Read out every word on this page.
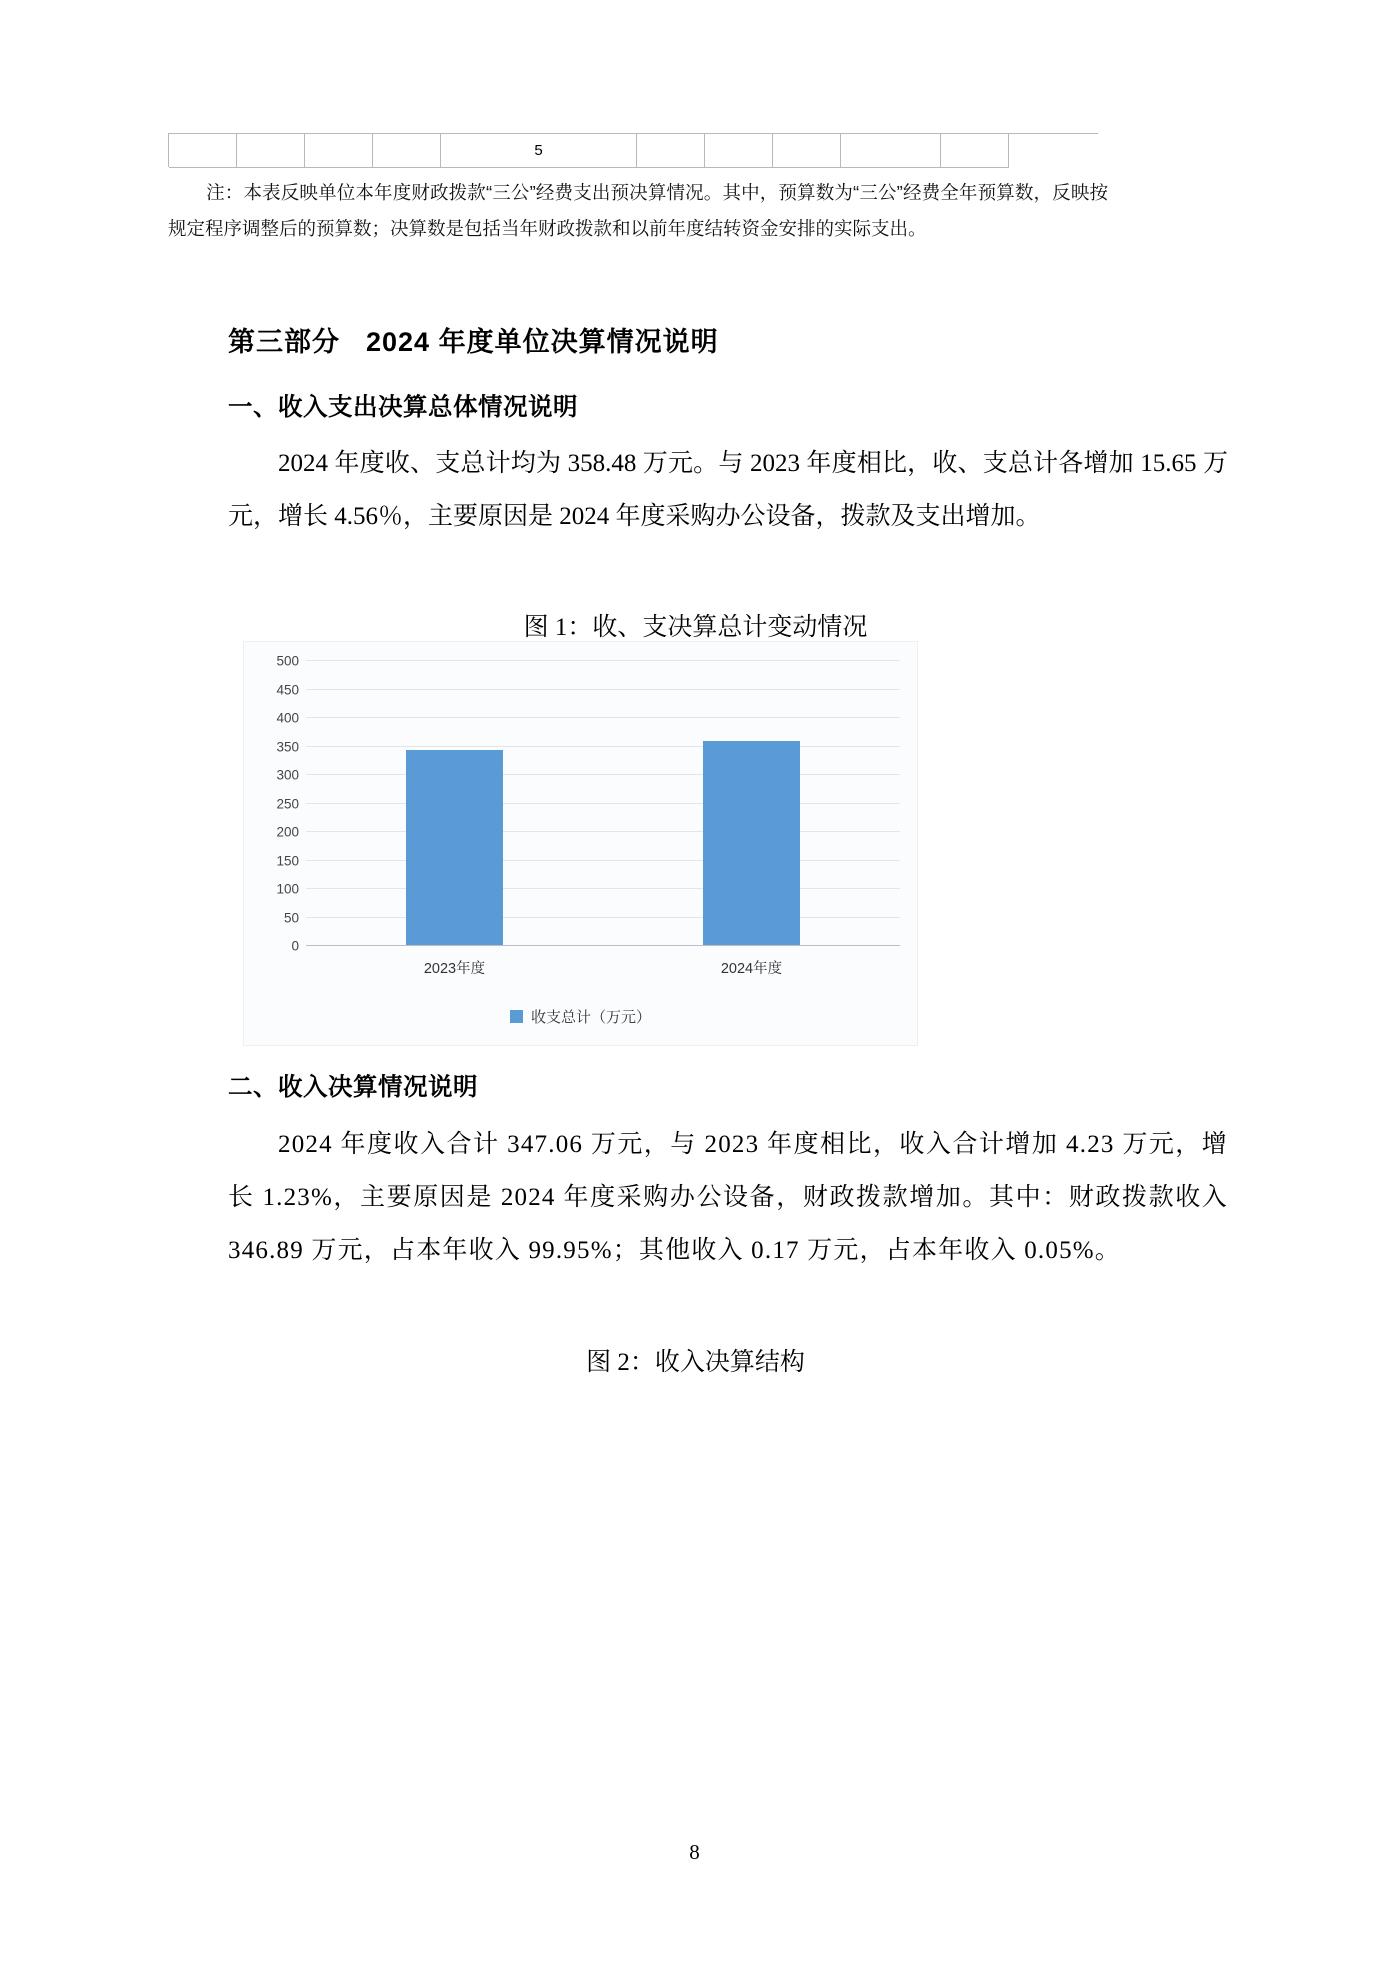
5
注：本表反映单位本年度财政拨款“三公”经费支出预决算情况。其中，预算数为“三公”经费全年预算数，反映按规定程序调整后的预算数；决算数是包括当年财政拨款和以前年度结转资金安排的实际支出。
第三部分 2024 年度单位决算情况说明
一、收入支出决算总体情况说明
2024 年度收、支总计均为 358.48 万元。与 2023 年度相比，收、支总计各增加 15.65 万元，增长 4.56％，主要原因是 2024 年度采购办公设备，拨款及支出增加。
图 1：收、支决算总计变动情况
0
50
100
150
200
250
300
350
400
450
500
2023年度	2024年度
收支总计（万元）
二、收入决算情况说明
2024 年度收入合计 347.06 万元，与 2023 年度相比，收入合计增加 4.23 万元，增长 1.23%，主要原因是 2024 年度采购办公设备，财政拨款增加。其中：财政拨款收入 346.89 万元，占本年收入 99.95%；其他收入 0.17 万元，占本年收入 0.05%。
图 2：收入决算结构
8
